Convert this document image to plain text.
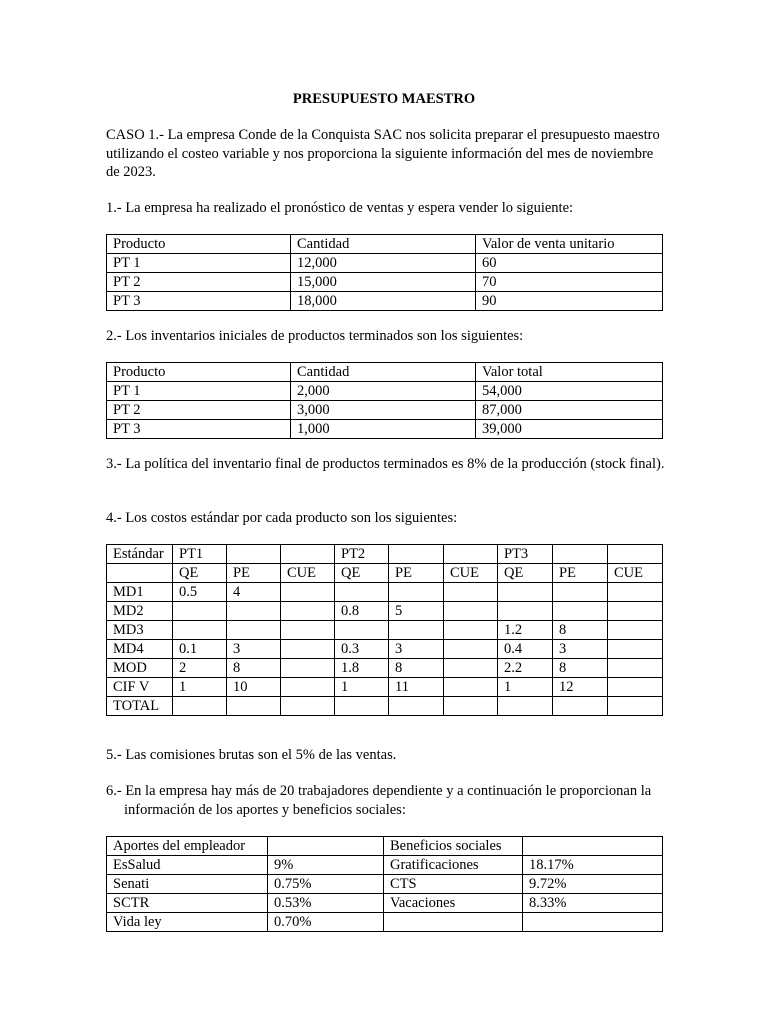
PRESUPUESTO MAESTRO
CASO 1.- La empresa Conde de la Conquista SAC nos solicita preparar el presupuesto maestro utilizando el costeo variable y nos proporciona la siguiente información del mes de noviembre de 2023.
1.- La empresa ha realizado el pronóstico de ventas y espera vender lo siguiente:
Producto	Cantidad	Valor de venta unitario
PT 1	12,000	60
PT 2	15,000	70
PT 3	18,000	90
2.- Los inventarios iniciales de productos terminados son los siguientes:
Producto	Cantidad	Valor total
PT 1	2,000	54,000
PT 2	3,000	87,000
PT 3	1,000	39,000
3.- La política del inventario final de productos terminados es 8% de la producción (stock final).
4.- Los costos estándar por cada producto son los siguientes:
Estándar	PT1			PT2			PT3		
	QE	PE	CUE	QE	PE	CUE	QE	PE	CUE
MD1	0.5	4							
MD2				0.8	5				
MD3							1.2	8	
MD4	0.1	3		0.3	3		0.4	3	
MOD	2	8		1.8	8		2.2	8	
CIF V	1	10		1	11		1	12	
TOTAL									
5.- Las comisiones brutas son el 5% de las ventas.
6.- En la empresa hay más de 20 trabajadores dependiente y a continuación le proporcionan la información de los aportes y beneficios sociales:
Aportes del empleador		Beneficios sociales	
EsSalud	9%	Gratificaciones	18.17%
Senati	0.75%	CTS	9.72%
SCTR	0.53%	Vacaciones	8.33%
Vida ley	0.70%		
